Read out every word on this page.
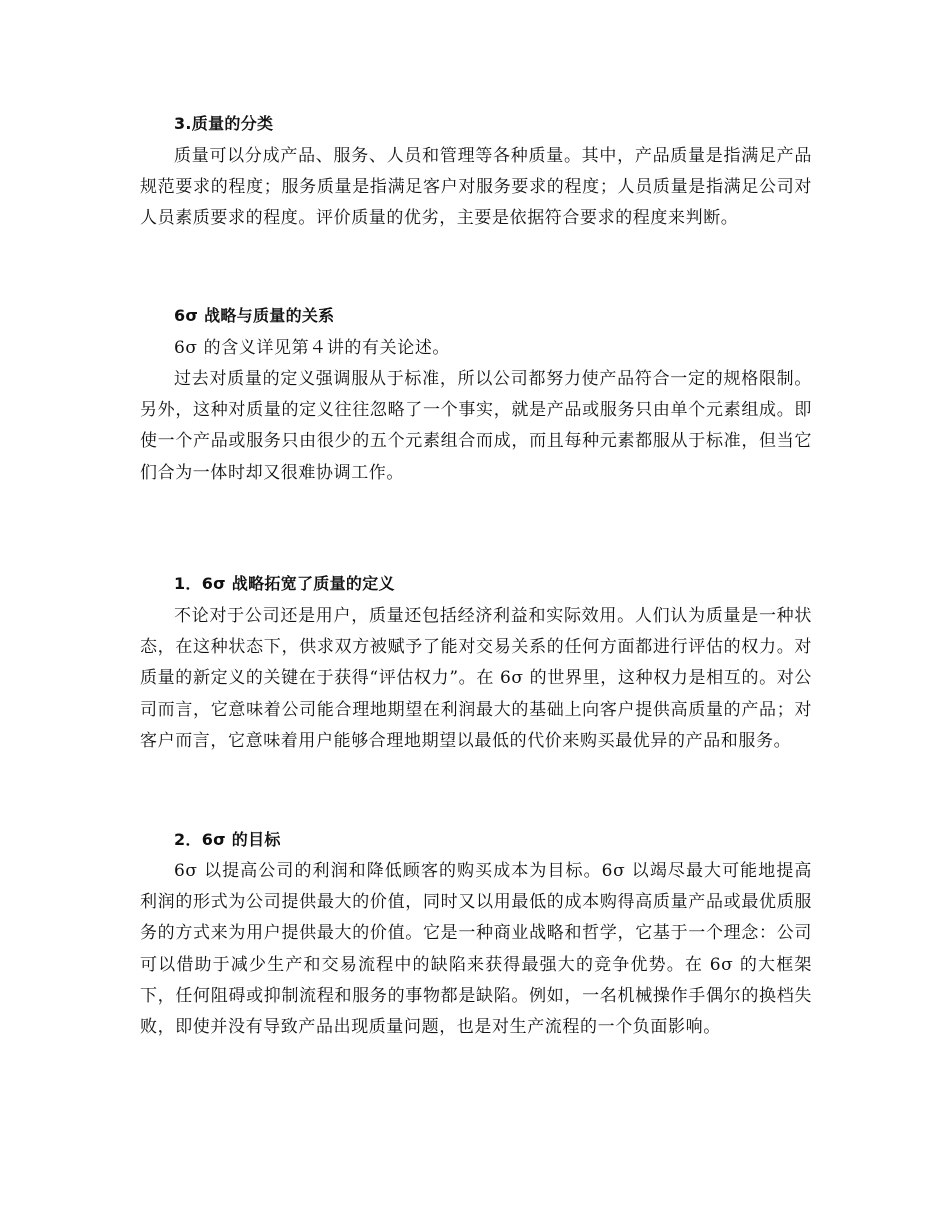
3.质量的分类
质量可以分成产品、服务、人员和管理等各种质量。其中，产品质量是指满足产品规范要求的程度；服务质量是指满足客户对服务要求的程度；人员质量是指满足公司对人员素质要求的程度。评价质量的优劣，主要是依据符合要求的程度来判断。
6σ 战略与质量的关系
6σ 的含义详见第４讲的有关论述。
过去对质量的定义强调服从于标准，所以公司都努力使产品符合一定的规格限制。另外，这种对质量的定义往往忽略了一个事实，就是产品或服务只由单个元素组成。即使一个产品或服务只由很少的五个元素组合而成，而且每种元素都服从于标准，但当它们合为一体时却又很难协调工作。
1．6σ 战略拓宽了质量的定义
不论对于公司还是用户，质量还包括经济利益和实际效用。人们认为质量是一种状态，在这种状态下，供求双方被赋予了能对交易关系的任何方面都进行评估的权力。对质量的新定义的关键在于获得“评估权力”。在 6σ 的世界里，这种权力是相互的。对公司而言，它意味着公司能合理地期望在利润最大的基础上向客户提供高质量的产品；对客户而言，它意味着用户能够合理地期望以最低的代价来购买最优异的产品和服务。
2．6σ 的目标
6σ 以提高公司的利润和降低顾客的购买成本为目标。6σ 以竭尽最大可能地提高利润的形式为公司提供最大的价值，同时又以用最低的成本购得高质量产品或最优质服务的方式来为用户提供最大的价值。它是一种商业战略和哲学，它基于一个理念：公司可以借助于减少生产和交易流程中的缺陷来获得最强大的竞争优势。在 6σ 的大框架下，任何阻碍或抑制流程和服务的事物都是缺陷。例如，一名机械操作手偶尔的换档失败，即使并没有导致产品出现质量问题，也是对生产流程的一个负面影响。
